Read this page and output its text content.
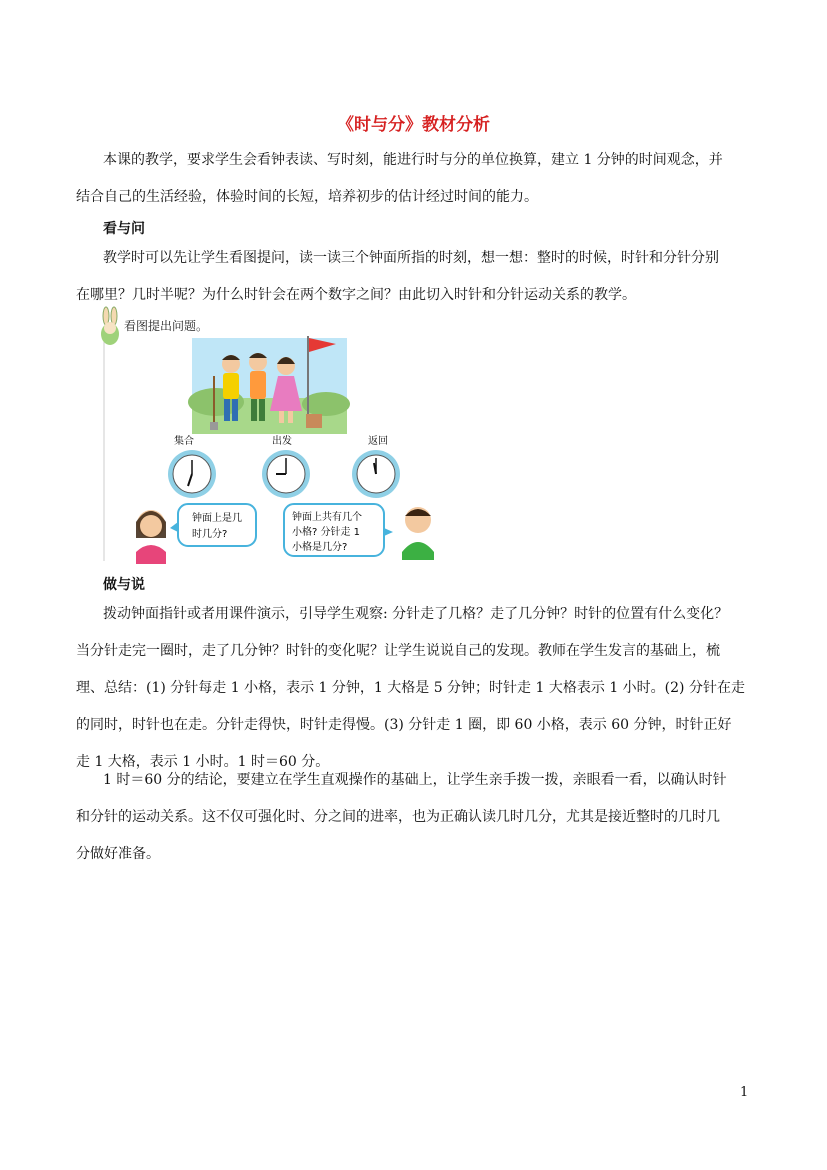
《时与分》教材分析
本课的教学，要求学生会看钟表读、写时刻，能进行时与分的单位换算，建立 1 分钟的时间观念，并
结合自己的生活经验，体验时间的长短，培养初步的估计经过时间的能力。
看与问
教学时可以先让学生看图提问，读一读三个钟面所指的时刻，想一想：整时的时候，时针和分针分别
在哪里？几时半呢？为什么时针会在两个数字之间？由此切入时针和分针运动关系的教学。
看图提出问题。
集合	出发	返回
钟面上是几
时几分?
钟面上共有几个
小格? 分针走 1
小格是几分?
做与说
拨动钟面指针或者用课件演示，引导学生观察: 分针走了几格？走了几分钟？时针的位置有什么变化？
当分针走完一圈时，走了几分钟？时针的变化呢？让学生说说自己的发现。教师在学生发言的基础上，梳
理、总结：(1) 分针每走 1 小格，表示 1 分钟，1 大格是 5 分钟；时针走 1 大格表示 1 小时。(2) 分针在走
的同时，时针也在走。分针走得快，时针走得慢。(3) 分针走 1 圈，即 60 小格，表示 60 分钟，时针正好
走 1 大格，表示 1 小时。1 时＝60 分。
1 时＝60 分的结论，要建立在学生直观操作的基础上，让学生亲手拨一拨，亲眼看一看，以确认时针
和分针的运动关系。这不仅可强化时、分之间的进率，也为正确认读几时几分，尤其是接近整时的几时几
分做好准备。
1
